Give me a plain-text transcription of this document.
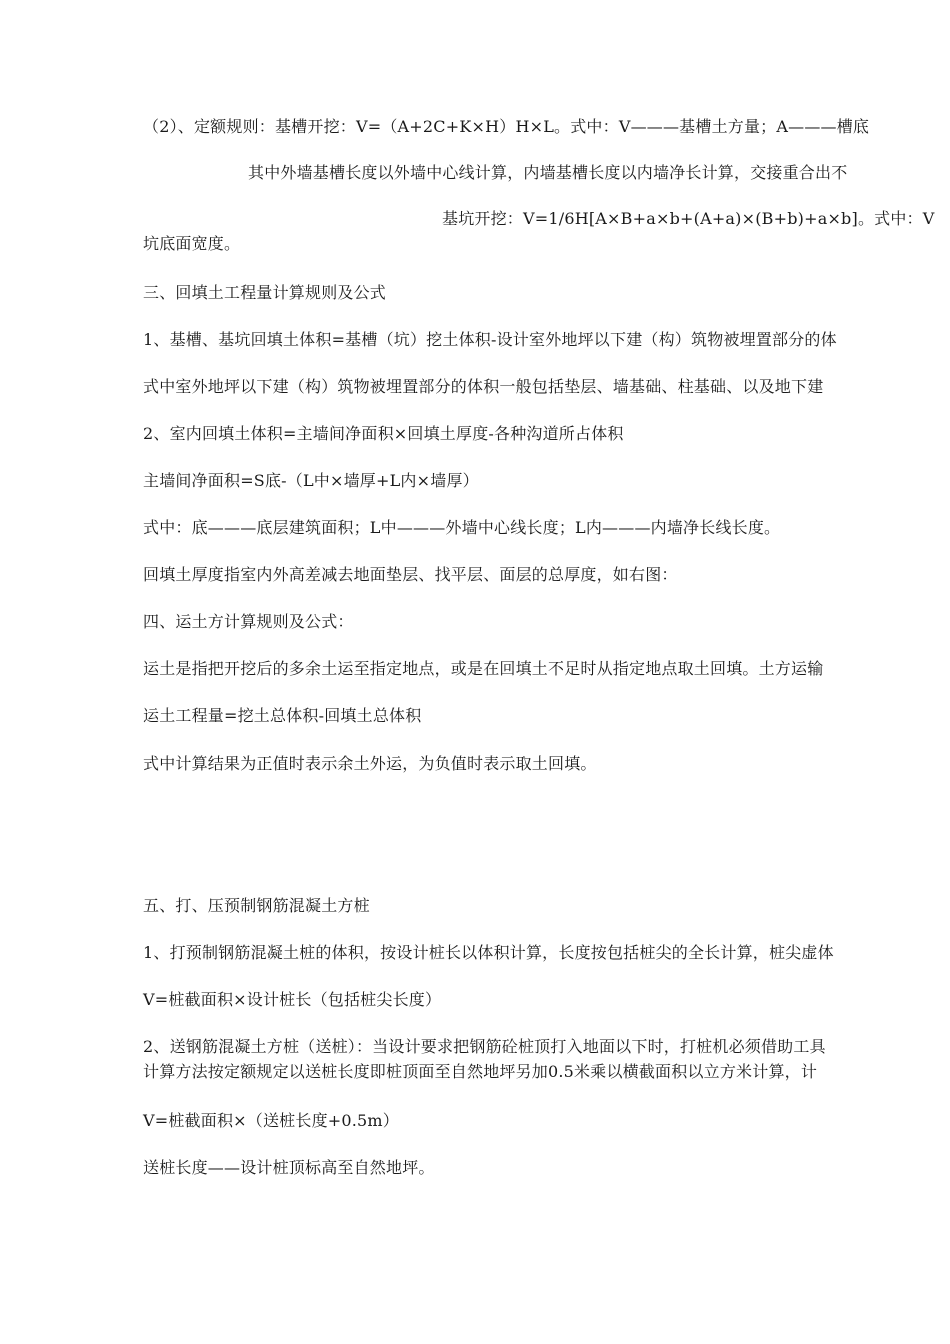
（2）、定额规则：基槽开挖：V=（A+2C+K×H）H×L。式中：V———基槽土方量；A———槽底
其中外墙基槽长度以外墙中心线计算，内墙基槽长度以内墙净长计算，交接重合出不
基坑开挖：V=1/6H[A×B+a×b+(A+a)×(B+b)+a×b]。式中：V
坑底面宽度。
三、回填土工程量计算规则及公式
1、基槽、基坑回填土体积=基槽（坑）挖土体积-设计室外地坪以下建（构）筑物被埋置部分的体
式中室外地坪以下建（构）筑物被埋置部分的体积一般包括垫层、墙基础、柱基础、以及地下建
2、室内回填土体积=主墙间净面积×回填土厚度-各种沟道所占体积
主墙间净面积=S底-（L中×墙厚+L内×墙厚）
式中：底———底层建筑面积；L中———外墙中心线长度；L内———内墙净长线长度。
回填土厚度指室内外高差减去地面垫层、找平层、面层的总厚度，如右图：
四、运土方计算规则及公式：
运土是指把开挖后的多余土运至指定地点，或是在回填土不足时从指定地点取土回填。土方运输
运土工程量=挖土总体积-回填土总体积
式中计算结果为正值时表示余土外运，为负值时表示取土回填。
五、打、压预制钢筋混凝土方桩
1、打预制钢筋混凝土桩的体积，按设计桩长以体积计算，长度按包括桩尖的全长计算，桩尖虚体
V=桩截面积×设计桩长（包括桩尖长度）
2、送钢筋混凝土方桩（送桩）：当设计要求把钢筋砼桩顶打入地面以下时，打桩机必须借助工具
计算方法按定额规定以送桩长度即桩顶面至自然地坪另加0.5米乘以横截面积以立方米计算，计
V=桩截面积×（送桩长度+0.5m）
送桩长度——设计桩顶标高至自然地坪。
